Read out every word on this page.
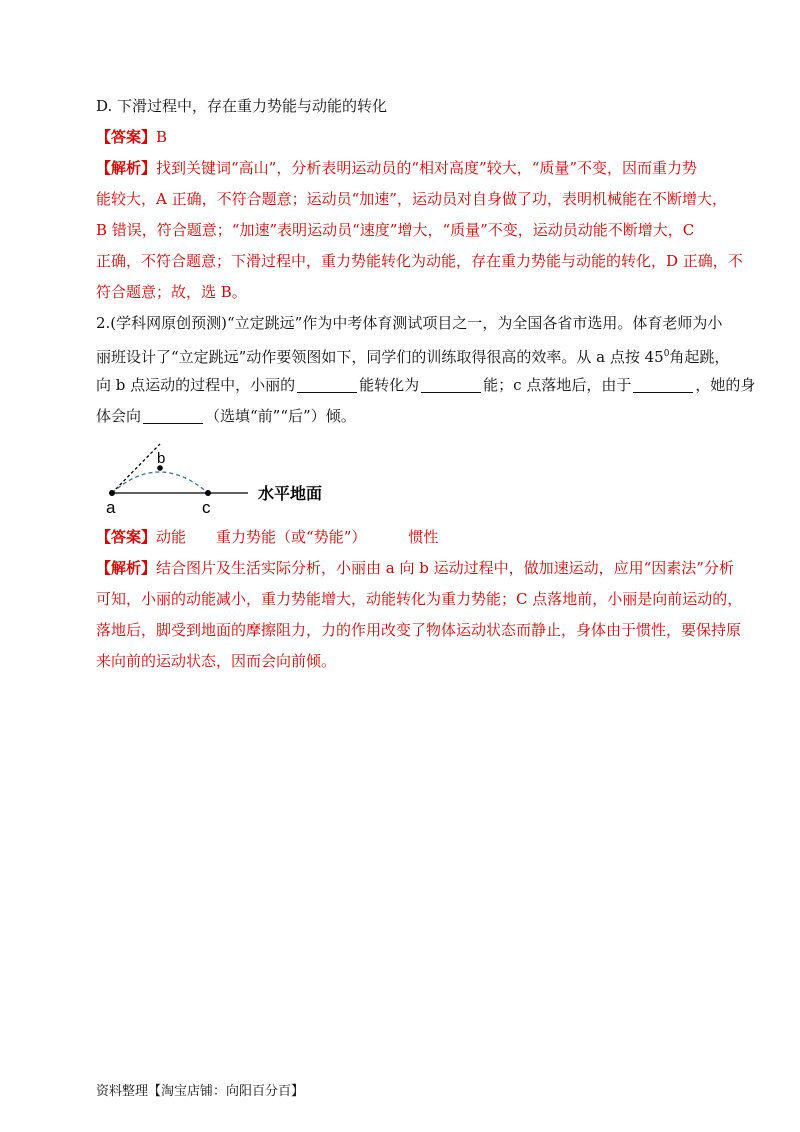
D. 下滑过程中，存在重力势能与动能的转化
【答案】B
【解析】找到关键词“高山”，分析表明运动员的“相对高度”较大，“质量”不变，因而重力势
能较大，A 正确，不符合题意；运动员“加速”，运动员对自身做了功，表明机械能在不断增大，
B 错误，符合题意；“加速”表明运动员“速度”增大，“质量”不变，运动员动能不断增大，C
正确，不符合题意；下滑过程中，重力势能转化为动能，存在重力势能与动能的转化，D 正确，不
符合题意；故，选 B。
2.(学科网原创预测)“立定跳远”作为中考体育测试项目之一，为全国各省市选用。体育老师为小
丽班设计了“立定跳远”动作要领图如下，同学们的训练取得很高的效率。从 a 点按 $45^0$角起跳，
向 b 点运动的过程中，小丽的	能转化为	能；c 点落地后，由于	，她的身
体会向	（选填“前”“后”）倾。
a
b
c
水平地面
【答案】动能 重力势能（或“势能”）	惯性
【解析】结合图片及生活实际分析，小丽由 a 向 b 运动过程中，做加速运动，应用“因素法”分析
可知，小丽的动能减小，重力势能增大，动能转化为重力势能；C 点落地前，小丽是向前运动的，
落地后，脚受到地面的摩擦阻力，力的作用改变了物体运动状态而静止，身体由于惯性，要保持原
来向前的运动状态，因而会向前倾。
资料整理【淘宝店铺：向阳百分百】
